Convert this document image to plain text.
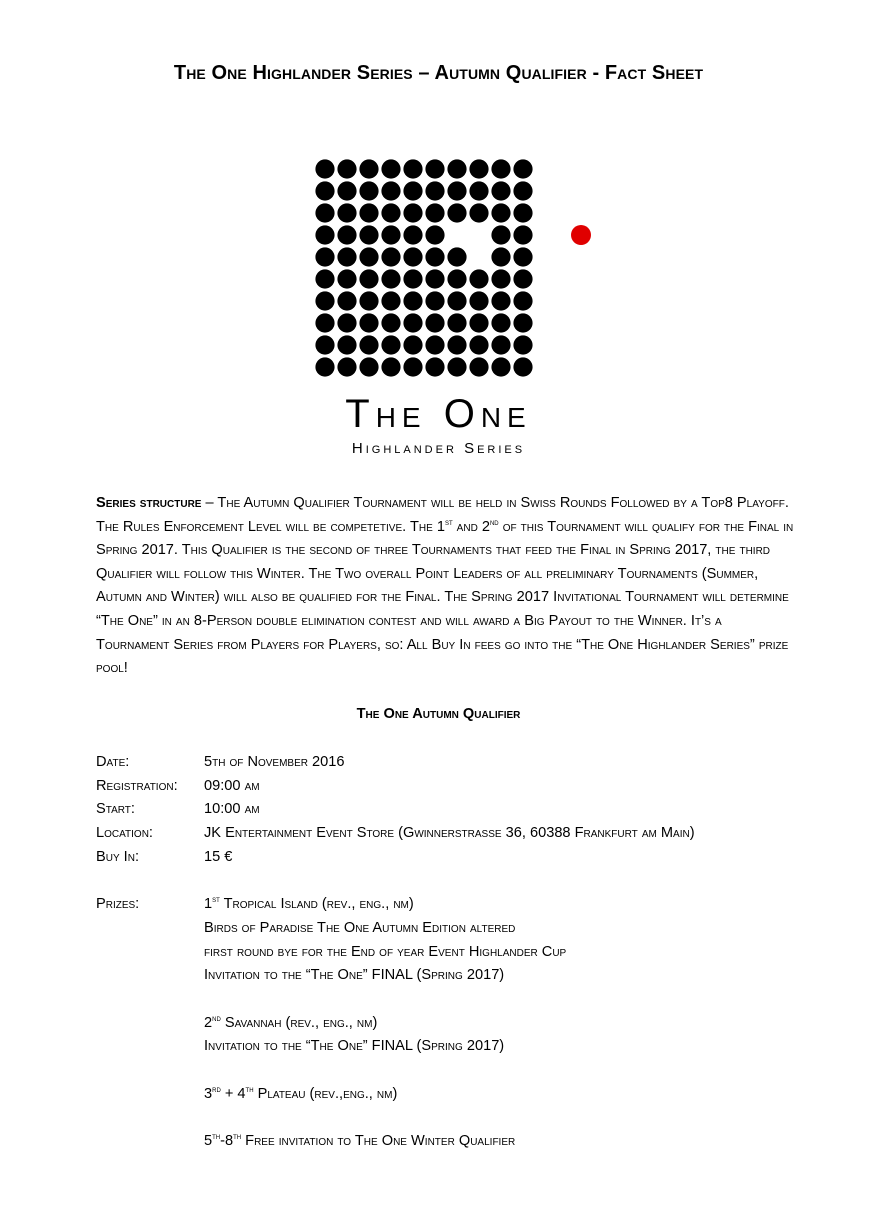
The One Highlander Series – Autumn Qualifier - Fact Sheet
The One
Highlander Series
Series structure – The Autumn Qualifier Tournament will be held in Swiss Rounds Followed by a Top8 Playoff. The Rules Enforcement Level will be competetive. The 1st and 2nd of this Tournament will qualify for the Final in Spring 2017. This Qualifier is the second of three Tournaments that feed the Final in Spring 2017, the third Qualifier will follow this Winter. The Two overall Point Leaders of all preliminary Tournaments (Summer, Autumn and Winter) will also be qualified for the Final. The Spring 2017 Invitational Tournament will determine “The One” in an 8-Person double elimination contest and will award a Big Payout to the Winner. It’s a Tournament Series from Players for Players, so: All Buy In fees go into the “The One Highlander Series” prize pool!
The One Autumn Qualifier
Date:	5th of November 2016
Registration: 09:00 am
Start:	10:00 am
Location:	JK Entertainment Event Store (Gwinnerstraße 36, 60388 Frankfurt am Main)
Buy In:	15 €
Prizes:	1st Tropical Island (rev., eng., nm)
Birds of Paradise The One Autumn Edition altered
first round bye for the End of year Event Highlander Cup
Invitation to the “The One” FINAL (Spring 2017)
2nd Savannah (rev., eng., nm)
Invitation to the “The One” FINAL (Spring 2017)
3rd + 4th Plateau (rev.,eng., nm)
5th-8th Free invitation to The One Winter Qualifier
